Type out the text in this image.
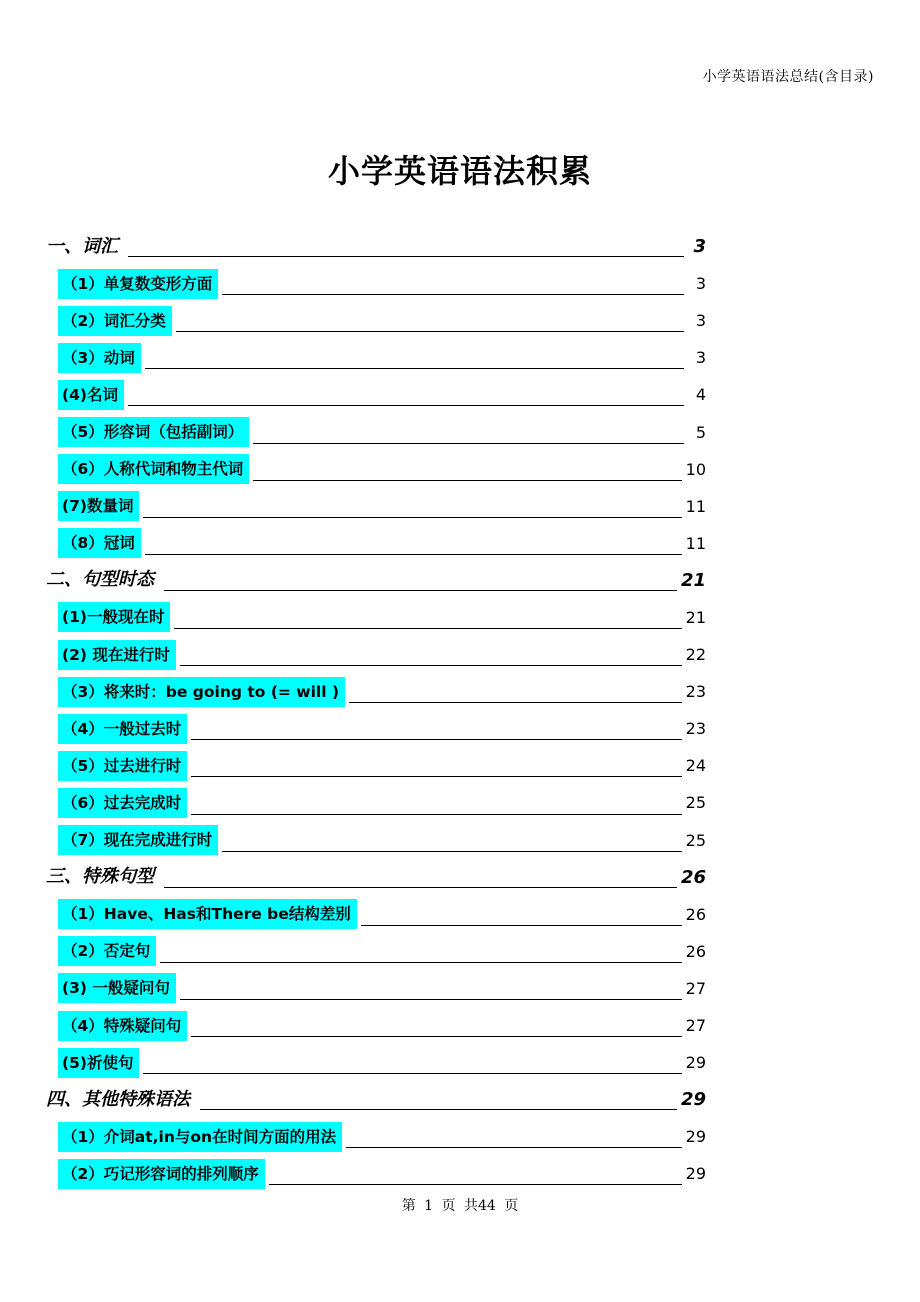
小学英语语法总结(含目录)
小学英语语法积累
一、词汇	3
（1）单复数变形方面	3
（2）词汇分类	3
（3）动词	3
(4)名词	4
（5）形容词（包括副词）	5
（6）人称代词和物主代词	10
(7)数量词	11
（8）冠词	11
二、句型时态	21
(1)一般现在时	21
(2) 现在进行时	22
（3）将来时：be going to (= will )	23
（4）一般过去时	23
（5）过去进行时	24
（6）过去完成时	25
（7）现在完成进行时	25
三、特殊句型	26
（1）Have、Has和There be结构差别	26
（2）否定句	26
(3) 一般疑问句	27
（4）特殊疑问句	27
(5)祈使句	29
四、其他特殊语法	29
（1）介词at,in与on在时间方面的用法	29
（2）巧记形容词的排列顺序	29
第 1 页 共44 页
